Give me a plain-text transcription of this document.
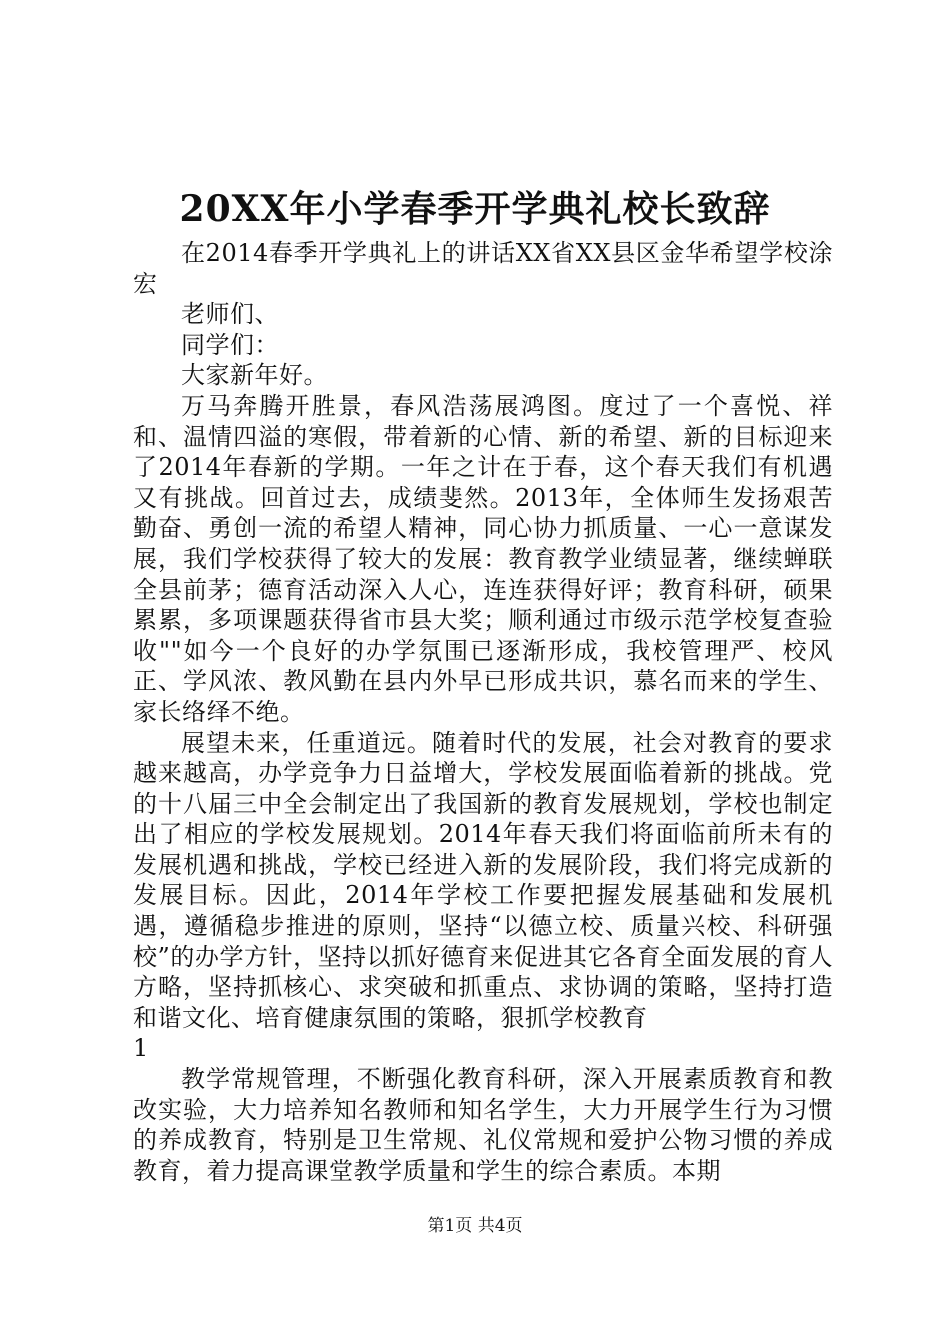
20XX年小学春季开学典礼校长致辞

在2014春季开学典礼上的讲话XX省XX县区金华希望学校涂宏

老师们、

同学们：

大家新年好。

万马奔腾开胜景，春风浩荡展鸿图。度过了一个喜悦、祥和、温情四溢的寒假，带着新的心情、新的希望、新的目标迎来了2014年春新的学期。一年之计在于春，这个春天我们有机遇又有挑战。回首过去，成绩斐然。2013年，全体师生发扬艰苦勤奋、勇创一流的希望人精神，同心协力抓质量、一心一意谋发展，我们学校获得了较大的发展：教育教学业绩显著，继续蝉联全县前茅；德育活动深入人心，连连获得好评；教育科研，硕果累累，多项课题获得省市县大奖；顺利通过市级示范学校复查验收""如今一个良好的办学氛围已逐渐形成，我校管理严、校风正、学风浓、教风勤在县内外早已形成共识，慕名而来的学生、家长络绎不绝。

展望未来，任重道远。随着时代的发展，社会对教育的要求越来越高，办学竞争力日益增大，学校发展面临着新的挑战。党的十八届三中全会制定出了我国新的教育发展规划，学校也制定出了相应的学校发展规划。2014年春天我们将面临前所未有的发展机遇和挑战，学校已经进入新的发展阶段，我们将完成新的发展目标。因此，2014年学校工作要把握发展基础和发展机遇，遵循稳步推进的原则，坚持“以德立校、质量兴校、科研强校”的办学方针，坚持以抓好德育来促进其它各育全面发展的育人方略，坚持抓核心、求突破和抓重点、求协调的策略，坚持打造和谐文化、培育健康氛围的策略，狠抓学校教育

1

教学常规管理，不断强化教育科研，深入开展素质教育和教改实验，大力培养知名教师和知名学生，大力开展学生行为习惯的养成教育，特别是卫生常规、礼仪常规和爱护公物习惯的养成教育，着力提高课堂教学质量和学生的综合素质。本期

第1页 共4页
